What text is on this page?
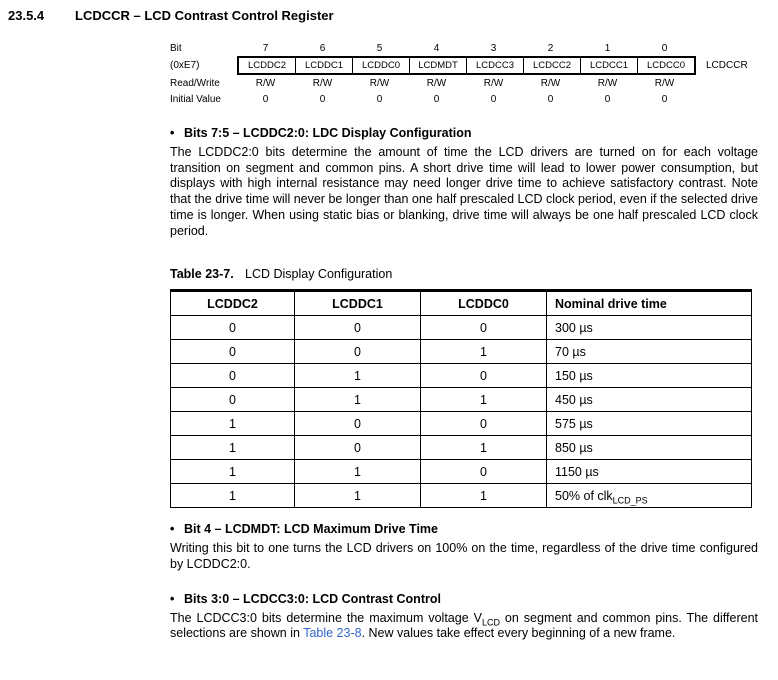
23.5.4	LCDCCR – LCD Contrast Control Register
Bit	7	6	5	4	3	2	1	0
(0xE7)	LCDDC2	LCDDC1	LCDDC0	LCDMDT	LCDCC3	LCDCC2	LCDCC1	LCDCC0	LCDCCR
Read/Write	R/W	R/W	R/W	R/W	R/W	R/W	R/W	R/W
Initial Value	0	0	0	0	0	0	0	0
• Bits 7:5 – LCDDC2:0: LDC Display Configuration

The LCDDC2:0 bits determine the amount of time the LCD drivers are turned on for each voltage transition on segment and common pins. A short drive time will lead to lower power consumption, but displays with high internal resistance may need longer drive time to achieve satisfactory contrast. Note that the drive time will never be longer than one half prescaled LCD clock period, even if the selected drive time is longer. When using static bias or blanking, drive time will always be one half prescaled LCD clock period.

Table 23-7. LCD Display Configuration
LCDDC2	LCDDC1	LCDDC0	Nominal drive time
0	0	0	300 µs
0	0	1	70 µs
0	1	0	150 µs
0	1	1	450 µs
1	0	0	575 µs
1	0	1	850 µs
1	1	0	1150 µs
1	1	1	50% of clk$_{LCD\_PS}$
• Bit 4 – LCDMDT: LCD Maximum Drive Time

Writing this bit to one turns the LCD drivers on 100% on the time, regardless of the drive time configured by LCDDC2:0.

• Bits 3:0 – LCDCC3:0: LCD Contrast Control

The LCDCC3:0 bits determine the maximum voltage $V_{LCD}$ on segment and common pins. The different selections are shown in Table 23-8. New values take effect every beginning of a new frame.
